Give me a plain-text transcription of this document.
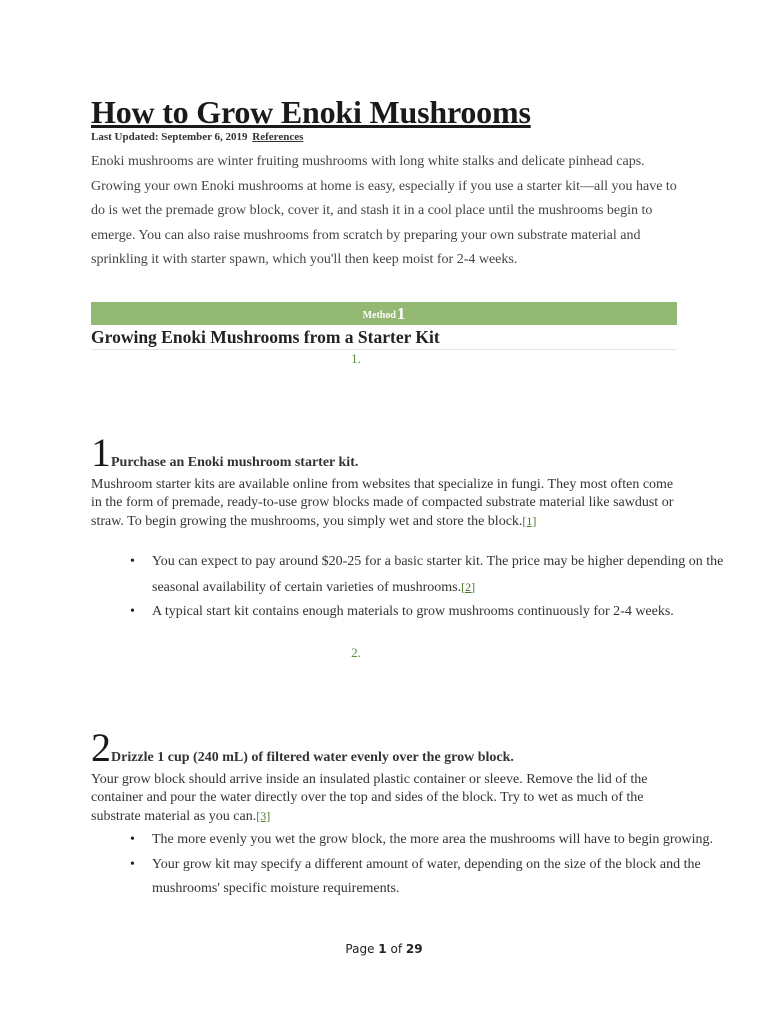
How to Grow Enoki Mushrooms
Last Updated: September 6, 2019 References

Enoki mushrooms are winter fruiting mushrooms with long white stalks and delicate pinhead caps. Growing your own Enoki mushrooms at home is easy, especially if you use a starter kit—all you have to do is wet the premade grow block, cover it, and stash it in a cool place until the mushrooms begin to emerge. You can also raise mushrooms from scratch by preparing your own substrate material and sprinkling it with starter spawn, which you'll then keep moist for 2-4 weeks.

Method1
Growing Enoki Mushrooms from a Starter Kit
1.
1Purchase an Enoki mushroom starter kit.

Mushroom starter kits are available online from websites that specialize in fungi. They most often come in the form of premade, ready-to-use grow blocks made of compacted substrate material like sawdust or straw. To begin growing the mushrooms, you simply wet and store the block.[1]

• You can expect to pay around $20-25 for a basic starter kit. The price may be higher depending on the seasonal availability of certain varieties of mushrooms.[2]
• A typical start kit contains enough materials to grow mushrooms continuously for 2-4 weeks.
2.
2Drizzle 1 cup (240 mL) of filtered water evenly over the grow block.

Your grow block should arrive inside an insulated plastic container or sleeve. Remove the lid of the container and pour the water directly over the top and sides of the block. Try to wet as much of the substrate material as you can.[3]

• The more evenly you wet the grow block, the more area the mushrooms will have to begin growing.
• Your grow kit may specify a different amount of water, depending on the size of the block and the mushrooms' specific moisture requirements.
Page 1 of 29
